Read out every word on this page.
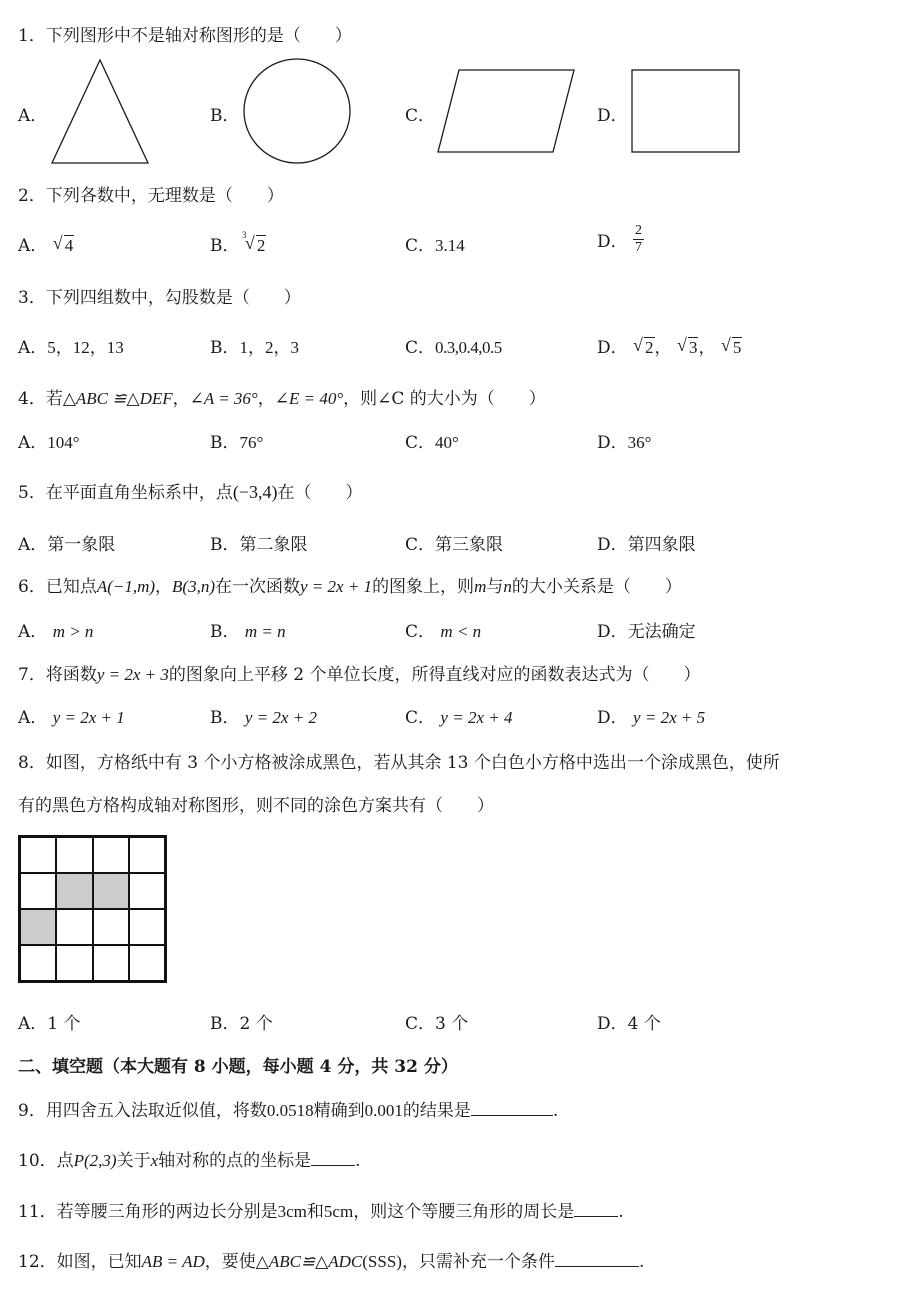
1．下列图形中不是轴对称图形的是（　　）
A．	B．	C．	D．
2．下列各数中，无理数是（　　）
A． √ 4	B．
3
√ 2	C．3.14	D． $\frac{2}{7}$
3．下列四组数中，勾股数是（　　）
A．5，12，13	B．1，2，3	C．0.3,0.4,0.5	D． √ 2， √ 3， √ 5
4．若△ABC ≌△DEF，∠A = 36°，∠E = 40°，则∠C 的大小为（　　）
A．104°	B．76°	C．40°	D．36°
5．在平面直角坐标系中，点(−3,4)在（　　）
A．第一象限	B．第二象限	C．第三象限	D．第四象限
6．已知点A(−1,m)，B(3,n)在一次函数y = 2x + 1的图象上，则m与n的大小关系是（　　）
A． m > n	B． m = n	C． m < n	D．无法确定
7．将函数y = 2x + 3的图象向上平移 2 个单位长度，所得直线对应的函数表达式为（　　）
A． y = 2x + 1	B． y = 2x + 2	C． y = 2x + 4	D． y = 2x + 5
8．如图，方格纸中有 3 个小方格被涂成黑色，若从其余 13 个白色小方格中选出一个涂成黑色，使所
有的黑色方格构成轴对称图形，则不同的涂色方案共有（　　）
A．1 个	B．2 个	C．3 个	D．4 个
二、填空题（本大题有 8 小题，每小题 4 分，共 32 分）
9．用四舍五入法取近似值，将数0.0518精确到0.001的结果是	.
10．点P(2,3)关于x轴对称的点的坐标是	.
11．若等腰三角形的两边长分别是3cm和5cm，则这个等腰三角形的周长是	.
12．如图，已知AB = AD，要使△ABC≌△ADC(SSS)，只需补充一个条件	.
